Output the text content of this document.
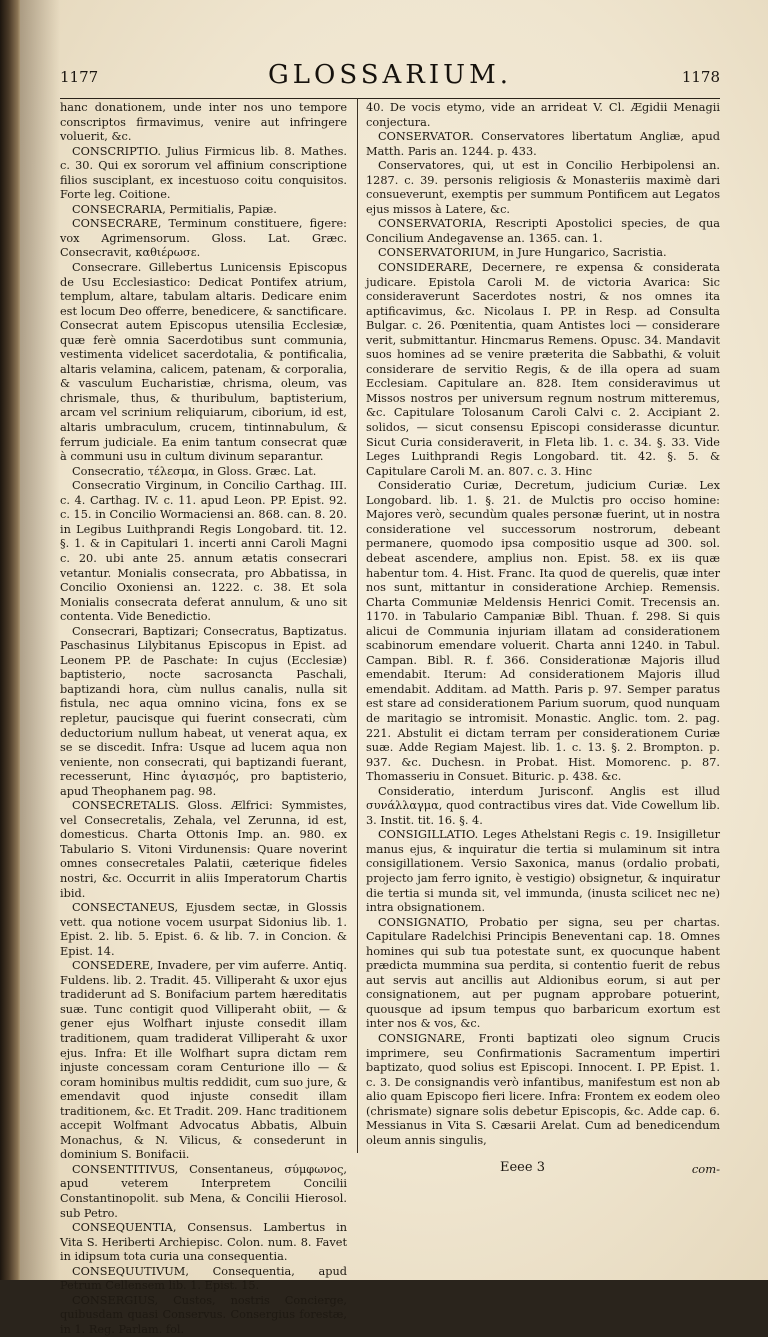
1177	GLOSSARIUM.	1178

hanc donationem, unde inter nos uno tempore conscriptos firmavimus, venire aut infringere voluerit, &c.

CONSCRIPTIO. Julius Firmicus lib. 8. Mathes. c. 30. Qui ex sororum vel affinium conscriptione filios susciplant, ex incestuoso coitu conquisitos. Forte leg. Coitione.

CONSECRARIA, Permitialis, Papiæ.

CONSECRARE, Terminum constituere, figere: vox Agrimensorum. Gloss. Lat. Græc. Consecravit, καθιέρωσε.

Consecrare. Gillebertus Lunicensis Episcopus de Usu Ecclesiastico: Dedicat Pontifex atrium, templum, altare, tabulam altaris. Dedicare enim est locum Deo offerre, benedicere, & sanctificare. Consecrat autem Episcopus utensilia Ecclesiæ, quæ ferè omnia Sacerdotibus sunt communia, vestimenta videlicet sacerdotalia, & pontificalia, altaris velamina, calicem, patenam, & corporalia, & vasculum Eucharistiæ, chrisma, oleum, vas chrismale, thus, & thuribulum, baptisterium, arcam vel scrinium reliquiarum, ciborium, id est, altaris umbraculum, crucem, tintinnabulum, & ferrum judiciale. Ea enim tantum consecrat quæ à communi usu in cultum divinum separantur.

Consecratio, τέλεσμα, in Gloss. Græc. Lat.

Consecratio Virginum, in Concilio Carthag. III. c. 4. Carthag. IV. c. 11. apud Leon. PP. Epist. 92. c. 15. in Concilio Wormaciensi an. 868. can. 8. 20. in Legibus Luithprandi Regis Longobard. tit. 12. §. 1. & in Capitulari 1. incerti anni Caroli Magni c. 20. ubi ante 25. annum ætatis consecrari vetantur. Monialis consecrata, pro Abbatissa, in Concilio Oxoniensi an. 1222. c. 38. Et sola Monialis consecrata deferat annulum, & uno sit contenta. Vide Benedictio.

Consecrari, Baptizari; Consecratus, Baptizatus. Paschasinus Lilybitanus Episcopus in Epist. ad Leonem PP. de Paschate: In cujus (Ecclesiæ) baptisterio, nocte sacrosancta Paschali, baptizandi hora, cùm nullus canalis, nulla sit fistula, nec aqua omnino vicina, fons ex se repletur, paucisque qui fuerint consecrati, cùm deductorium nullum habeat, ut venerat aqua, ex se se discedit. Infra: Usque ad lucem aqua non veniente, non consecrati, qui baptizandi fuerant, recesserunt, Hinc ἁγιασμός, pro baptisterio, apud Theophanem pag. 98.

CONSECRETALIS. Gloss. Ælfrici: Symmistes, vel Consecretalis, Zehala, vel Zerunna, id est, domesticus. Charta Ottonis Imp. an. 980. ex Tabulario S. Vitoni Virdunensis: Quare noverint omnes consecretales Palatii, cæterique fideles nostri, &c. Occurrit in aliis Imperatorum Chartis ibid.

CONSECTANEUS, Ejusdem sectæ, in Glossis vett. qua notione vocem usurpat Sidonius lib. 1. Epist. 2. lib. 5. Epist. 6. & lib. 7. in Concion. & Epist. 14.

CONSEDERE, Invadere, per vim auferre. Antiq. Fuldens. lib. 2. Tradit. 45. Villiperaht & uxor ejus tradiderunt ad S. Bonifacium partem hæreditatis suæ. Tunc contigit quod Villiperaht obiit, — & gener ejus Wolfhart injuste consedit illam traditionem, quam tradiderat Villiperaht & uxor ejus. Infra: Et ille Wolfhart supra dictam rem injuste concessam coram Centurione illo — & coram hominibus multis reddidit, cum suo jure, & emendavit quod injuste consedit illam traditionem, &c. Et Tradit. 209. Hanc traditionem accepit Wolfmant Advocatus Abbatis, Albuin Monachus, & N. Vilicus, & consederunt in dominium S. Bonifacii.

CONSENTITIVUS, Consentaneus, σύμφωνος, apud veterem Interpretem Concilii Constantinopolit. sub Mena, & Concilii Hierosol. sub Petro.

CONSEQUENTIA, Consensus. Lambertus in Vita S. Heriberti Archiepisc. Colon. num. 8. Favet in idipsum tota curia una consequentia.

CONSEQUUTIVUM, Consequentia, apud Petrum Cellensem lib. 1. Epist. 15.

CONSERGIUS, Custos, nostris Concierge, quibusdam quasi Conservus. Consergius forestæ, in 1. Reg. Parlam. fol.

40. De vocis etymo, vide an arrideat V. Cl. Ægidii Menagii conjectura.

CONSERVATOR. Conservatores libertatum Angliæ, apud Matth. Paris an. 1244. p. 433.

Conservatores, qui, ut est in Concilio Herbipolensi an. 1287. c. 39. personis religiosis & Monasteriis maximè dari consueverunt, exemptis per summum Pontificem aut Legatos ejus missos à Latere, &c.

CONSERVATORIA, Rescripti Apostolici species, de qua Concilium Andegavense an. 1365. can. 1.

CONSERVATORIUM, in Jure Hungarico, Sacristia.

CONSIDERARE, Decernere, re expensa & considerata judicare. Epistola Caroli M. de victoria Avarica: Sic consideraverunt Sacerdotes nostri, & nos omnes ita aptificavimus, &c. Nicolaus I. PP. in Resp. ad Consulta Bulgar. c. 26. Pœnitentia, quam Antistes loci — considerare verit, submittantur. Hincmarus Remens. Opusc. 34. Mandavit suos homines ad se venire præterita die Sabbathi, & voluit considerare de servitio Regis, & de illa opera ad suam Ecclesiam. Capitulare an. 828. Item consideravimus ut Missos nostros per universum regnum nostrum mitteremus, &c. Capitulare Tolosanum Caroli Calvi c. 2. Accipiant 2. solidos, — sicut consensu Episcopi considerasse dicuntur. Sicut Curia consideraverit, in Fleta lib. 1. c. 34. §. 33. Vide Leges Luithprandi Regis Longobard. tit. 42. §. 5. & Capitulare Caroli M. an. 807. c. 3. Hinc

Consideratio Curiæ, Decretum, judicium Curiæ. Lex Longobard. lib. 1. §. 21. de Mulctis pro occiso homine: Majores verò, secundùm quales personæ fuerint, ut in nostra consideratione vel successorum nostrorum, debeant permanere, quomodo ipsa compositio usque ad 300. sol. debeat ascendere, amplius non. Epist. 58. ex iis quæ habentur tom. 4. Hist. Franc. Ita quod de querelis, quæ inter nos sunt, mittantur in consideratione Archiep. Remensis. Charta Communiæ Meldensis Henrici Comit. Trecensis an. 1170. in Tabulario Campaniæ Bibl. Thuan. f. 298. Si quis alicui de Communia injuriam illatam ad considerationem scabinorum emendare voluerit. Charta anni 1240. in Tabul. Campan. Bibl. R. f. 366. Considerationæ Majoris illud emendabit. Iterum: Ad considerationem Majoris illud emendabit. Additam. ad Matth. Paris p. 97. Semper paratus est stare ad considerationem Parium suorum, quod nunquam de maritagio se intromisit. Monastic. Anglic. tom. 2. pag. 221. Abstulit ei dictam terram per considerationem Curiæ suæ. Adde Regiam Majest. lib. 1. c. 13. §. 2. Brompton. p. 937. &c. Duchesn. in Probat. Hist. Momorenc. p. 87. Thomasseriu in Consuet. Bituric. p. 438. &c.

Consideratio, interdum Jurisconf. Anglis est illud συνάλλαγμα, quod contractibus vires dat. Vide Cowellum lib. 3. Instit. tit. 16. §. 4.

CONSIGILLATIO. Leges Athelstani Regis c. 19. Insigilletur manus ejus, & inquiratur die tertia si mulaminum sit intra consigillationem. Versio Saxonica, manus (ordalio probati, projecto jam ferro ignito, è vestigio) obsignetur, & inquiratur die tertia si munda sit, vel immunda, (inusta scilicet nec ne) intra obsignationem.

CONSIGNATIO, Probatio per signa, seu per chartas. Capitulare Radelchisi Principis Beneventani cap. 18. Omnes homines qui sub tua potestate sunt, ex quocunque habent prædicta mummina sua perdita, si contentio fuerit de rebus aut servis aut ancillis aut Aldionibus eorum, si aut per consignationem, aut per pugnam approbare potuerint, quousque ad ipsum tempus quo barbaricum exortum est inter nos & vos, &c.

CONSIGNARE, Fronti baptizati oleo signum Crucis imprimere, seu Confirmationis Sacramentum impertiri baptizato, quod solius est Episcopi. Innocent. I. PP. Epist. 1. c. 3. De consignandis verò infantibus, manifestum est non ab alio quam Episcopo fieri licere. Infra: Frontem ex eodem oleo (chrismate) signare solis debetur Episcopis, &c. Adde cap. 6. Messianus in Vita S. Cæsarii Arelat. Cum ad benedicendum oleum annis singulis,

Eeee 3	com-
